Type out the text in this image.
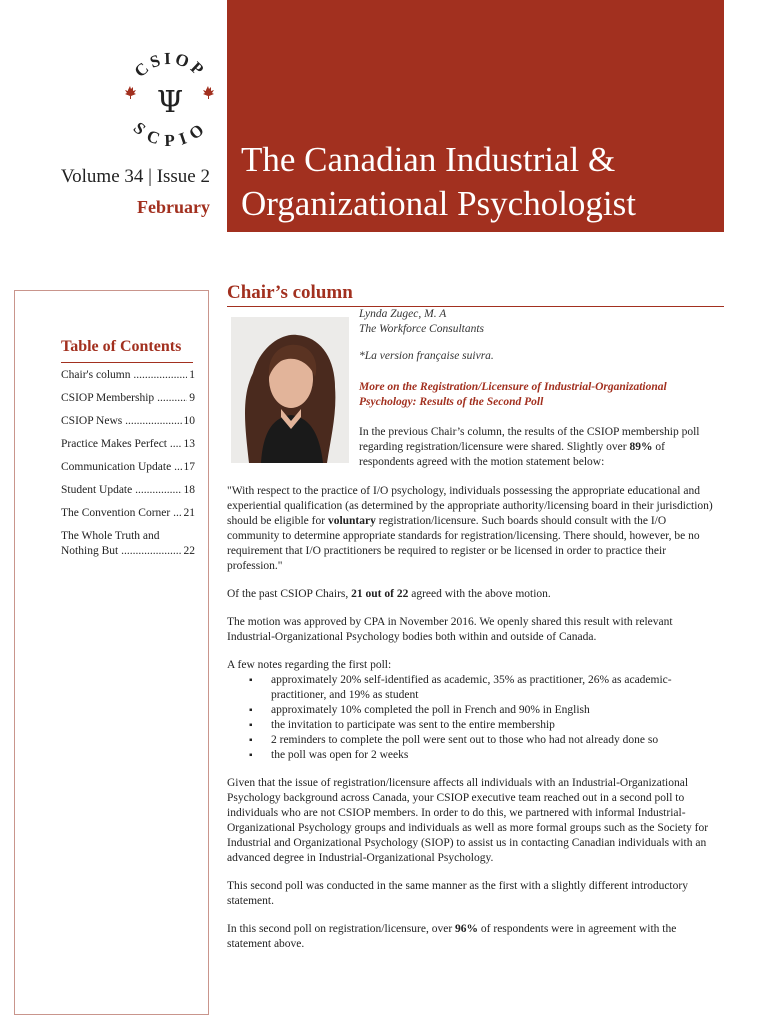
CSIOP
SCPIO
Ψ
Volume 34 | Issue 2
February
The Canadian Industrial &
Organizational Psychologist
Table of Contents
Chair's column .....	1
CSIOP Membership .....	9
CSIOP News .....	10
Practice Makes Perfect .....	13
Communication Update .....	17
Student Update .....	18
The Convention Corner .....	21
The Whole Truth and
Nothing But .....	22
Chair’s column
Lynda Zugec, M. A
The Workforce Consultants
*La version française suivra.
More on the Registration/Licensure of Industrial-Organizational Psychology: Results of the Second Poll

In the previous Chair’s column, the results of the CSIOP membership poll regarding registration/licensure were shared. Slightly over 89% of respondents agreed with the motion statement below:

"With respect to the practice of I/O psychology, individuals possessing the appropriate educational and experiential qualification (as determined by the appropriate authority/licensing board in their jurisdiction) should be eligible for voluntary registration/licensure. Such boards should consult with the I/O community to determine appropriate standards for registration/licensing. There should, however, be no requirement that I/O practitioners be required to register or be licensed in order to practice their profession."

Of the past CSIOP Chairs, 21 out of 22 agreed with the above motion.

The motion was approved by CPA in November 2016. We openly shared this result with relevant Industrial-Organizational Psychology bodies both within and outside of Canada.

A few notes regarding the first poll:

▪ approximately 20% self-identified as academic, 35% as practitioner, 26% as academic-practitioner, and 19% as student
▪ approximately 10% completed the poll in French and 90% in English
▪ the invitation to participate was sent to the entire membership
▪ 2 reminders to complete the poll were sent out to those who had not already done so
▪ the poll was open for 2 weeks

Given that the issue of registration/licensure affects all individuals with an Industrial-Organizational Psychology background across Canada, your CSIOP executive team reached out in a second poll to individuals who are not CSIOP members. In order to do this, we partnered with informal Industrial-Organizational Psychology groups and individuals as well as more formal groups such as the Society for Industrial and Organizational Psychology (SIOP) to assist us in contacting Canadian individuals with an advanced degree in Industrial-Organizational Psychology.

This second poll was conducted in the same manner as the first with a slightly different introductory statement.

In this second poll on registration/licensure, over 96% of respondents were in agreement with the statement above.
